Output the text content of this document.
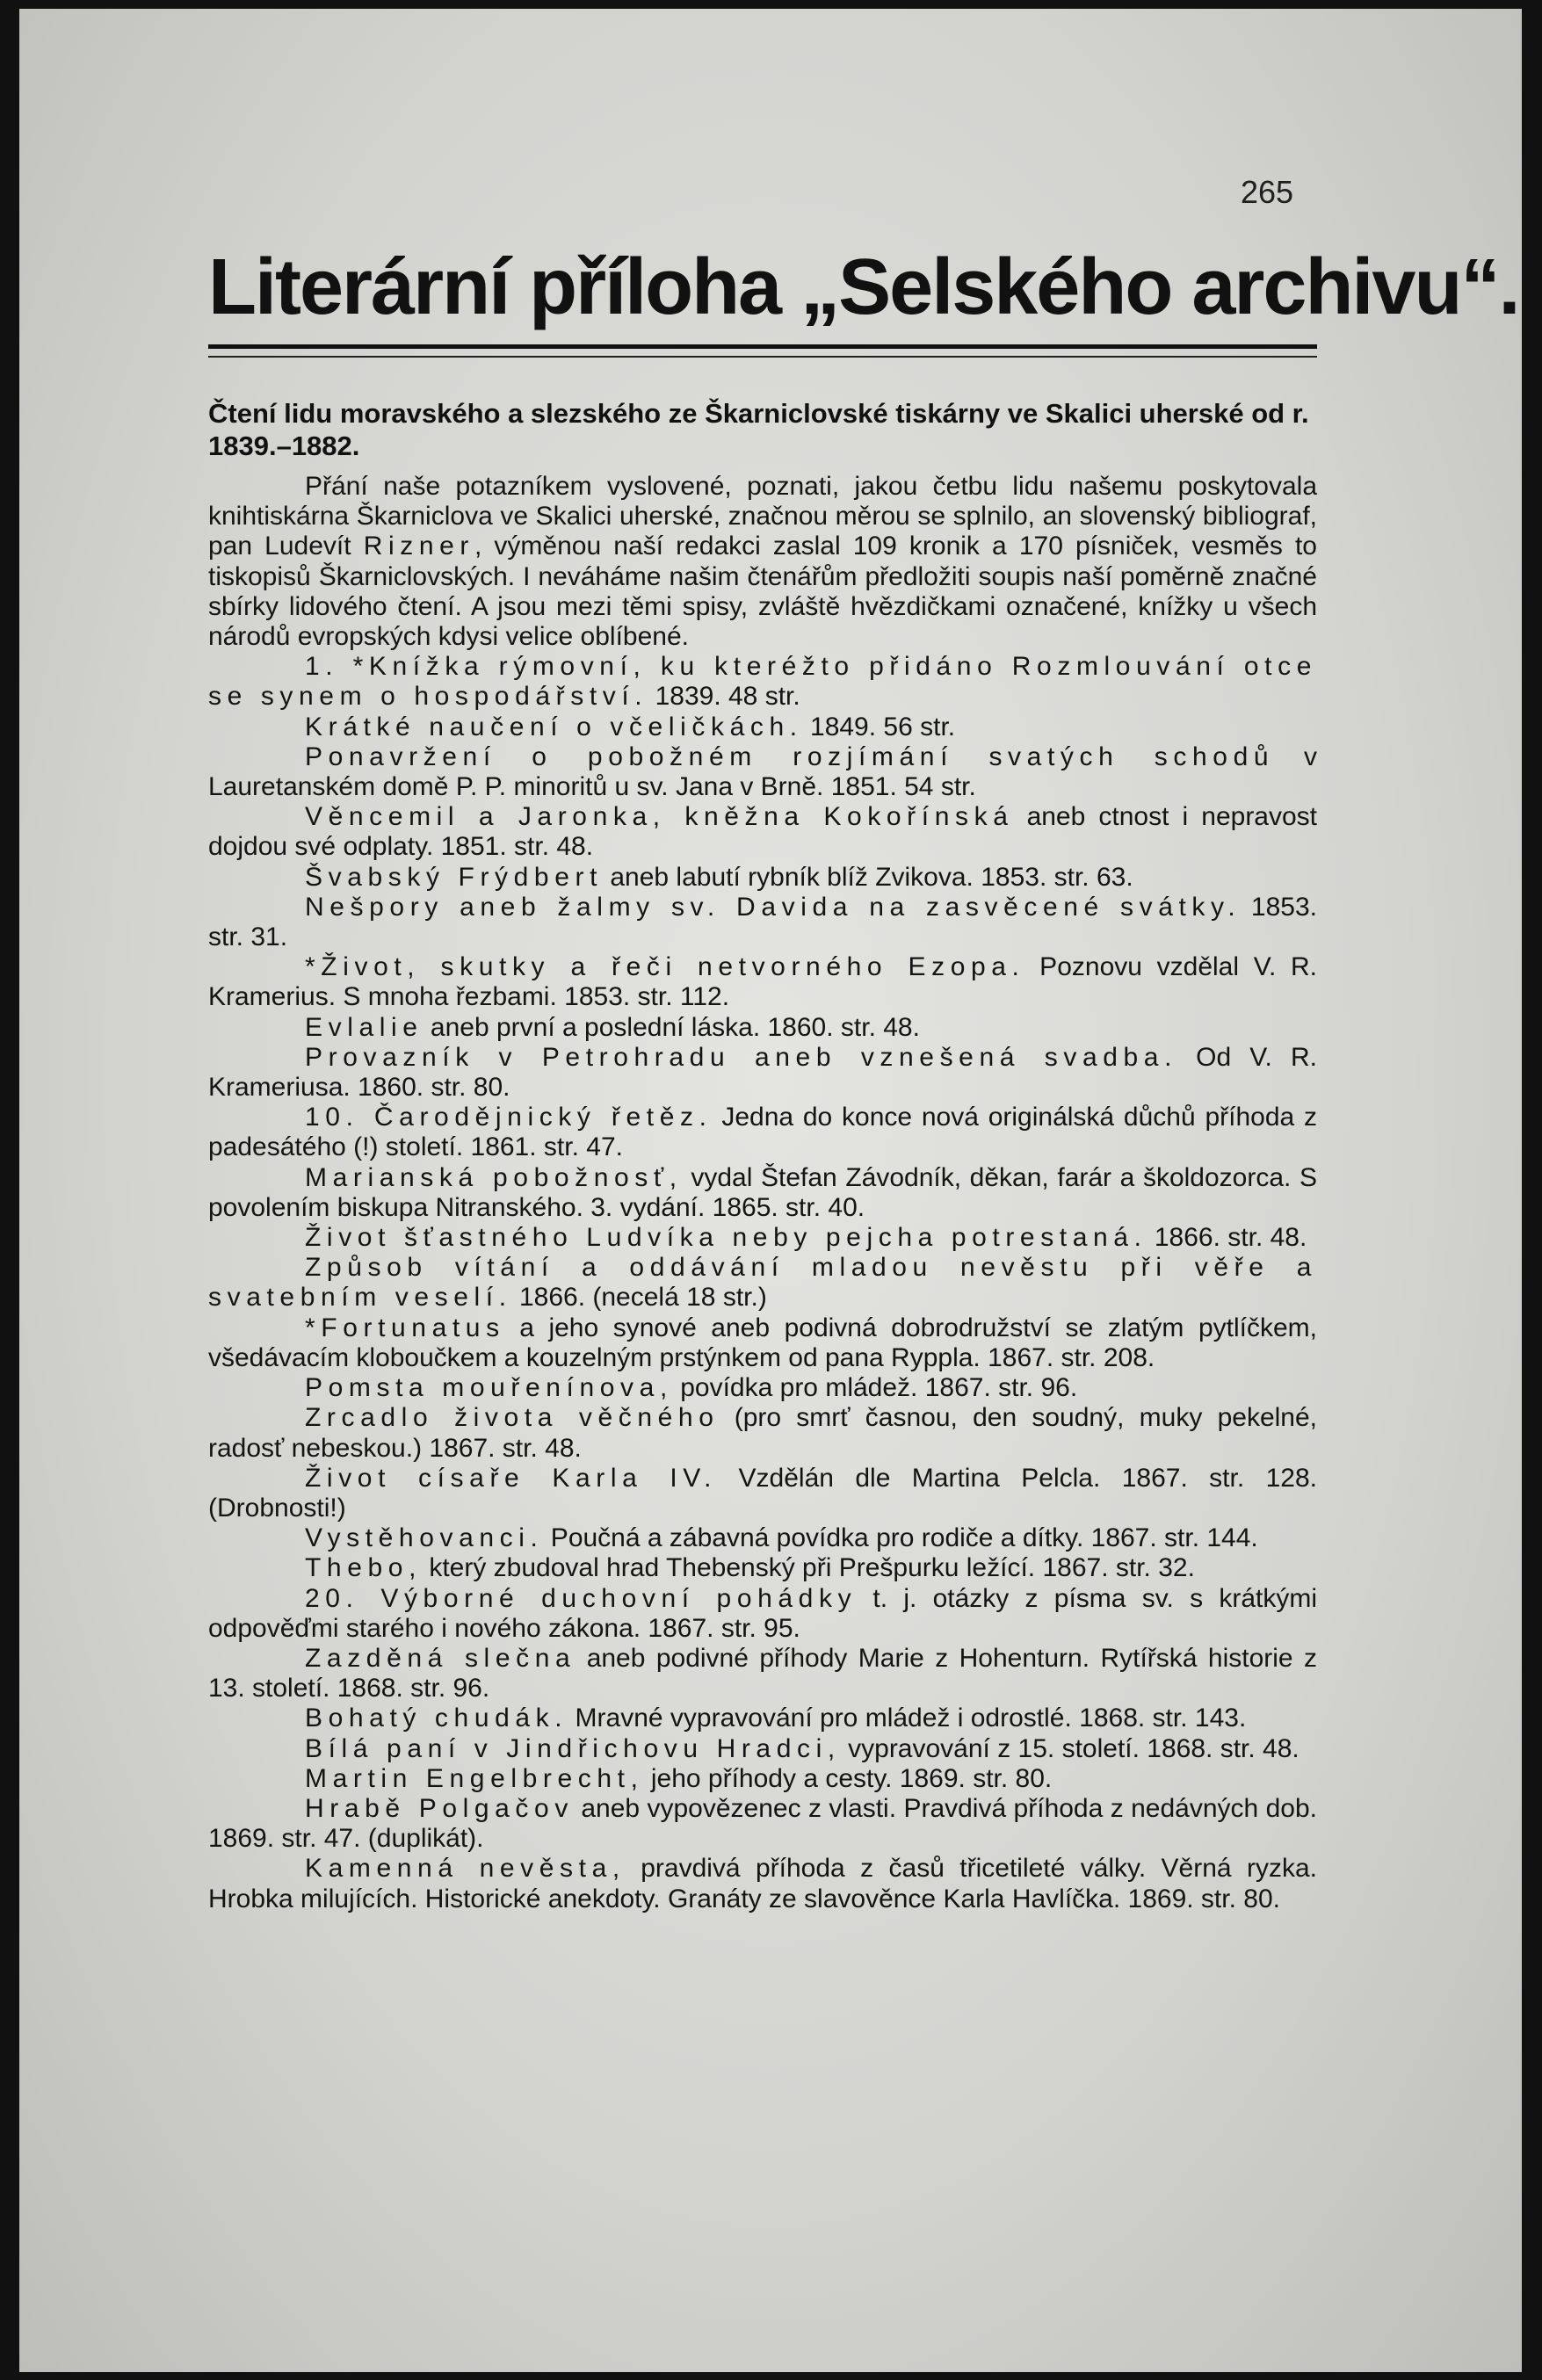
265
Literární příloha „Selského archivu“.
Čtení lidu moravského a slezského ze Škarniclovské tiskárny ve Skalici uherské od r. 1839.–1882.

Přání naše potazníkem vyslovené, poznati, jakou četbu lidu našemu poskytovala knihtiskárna Škarniclova ve Skalici uherské, značnou měrou se splnilo, an slovenský bibliograf, pan Ludevít Rizner, výměnou naší redakci zaslal 109 kronik a 170 písniček, vesměs to tiskopisů Škarniclovských. I neváháme našim čtenářům předložiti soupis naší poměrně značné sbírky lidového čtení. A jsou mezi těmi spisy, zvláště hvězdičkami označené, knížky u všech národů evropských kdysi velice oblíbené.

1. *Knížka rýmovní, ku kteréžto přidáno Rozmlouvání otce se synem o hospodářství. 1839. 48 str.

Krátké naučení o včeličkách. 1849. 56 str.

Ponavržení o pobožném rozjímání svatých schodů v Lauretanském domě P. P. minoritů u sv. Jana v Brně. 1851. 54 str.

Věncemil a Jaronka, kněžna Kokořínská aneb ctnost i nepravost dojdou své odplaty. 1851. str. 48.

Švabský Frýdbert aneb labutí rybník blíž Zvikova. 1853. str. 63.

Nešpory aneb žalmy sv. Davida na zasvěcené svátky. 1853. str. 31.

*Život, skutky a řeči netvorného Ezopa. Poznovu vzdělal V. R. Kramerius. S mnoha řezbami. 1853. str. 112.

Evlalie aneb první a poslední láska. 1860. str. 48.

Provazník v Petrohradu aneb vznešená svadba. Od V. R. Krameriusa. 1860. str. 80.

10. Čarodějnický řetěz. Jedna do konce nová originálská důchů příhoda z padesátého (!) století. 1861. str. 47.

Marianská pobožnosť, vydal Štefan Závodník, děkan, farár a školdozorca. S povolením biskupa Nitranského. 3. vydání. 1865. str. 40.

Život šťastného Ludvíka neby pejcha potrestaná. 1866. str. 48.

Způsob vítání a oddávání mladou nevěstu při věře a svatebním veselí. 1866. (necelá 18 str.)

*Fortunatus a jeho synové aneb podivná dobrodružství se zlatým pytlíčkem, všedávacím kloboučkem a kouzelným prstýnkem od pana Ryppla. 1867. str. 208.

Pomsta mouřenínova, povídka pro mládež. 1867. str. 96.

Zrcadlo života věčného (pro smrť časnou, den soudný, muky pekelné, radosť nebeskou.) 1867. str. 48.

Život císaře Karla IV. Vzdělán dle Martina Pelcla. 1867. str. 128. (Drobnosti!)

Vystěhovanci. Poučná a zábavná povídka pro rodiče a dítky. 1867. str. 144.

Thebo, který zbudoval hrad Thebenský při Prešpurku ležící. 1867. str. 32.

20. Výborné duchovní pohádky t. j. otázky z písma sv. s krátkými odpověďmi starého i nového zákona. 1867. str. 95.

Zazděná slečna aneb podivné příhody Marie z Hohenturn. Rytířská historie z 13. století. 1868. str. 96.

Bohatý chudák. Mravné vypravování pro mládež i odrostlé. 1868. str. 143.

Bílá paní v Jindřichovu Hradci, vypravování z 15. století. 1868. str. 48.

Martin Engelbrecht, jeho příhody a cesty. 1869. str. 80.

Hrabě Polgačov aneb vypovězenec z vlasti. Pravdivá příhoda z nedávných dob. 1869. str. 47. (duplikát).

Kamenná nevěsta, pravdivá příhoda z časů třicetileté války. Věrná ryzka. Hrobka milujících. Historické anekdoty. Granáty ze slavověnce Karla Havlíčka. 1869. str. 80.
